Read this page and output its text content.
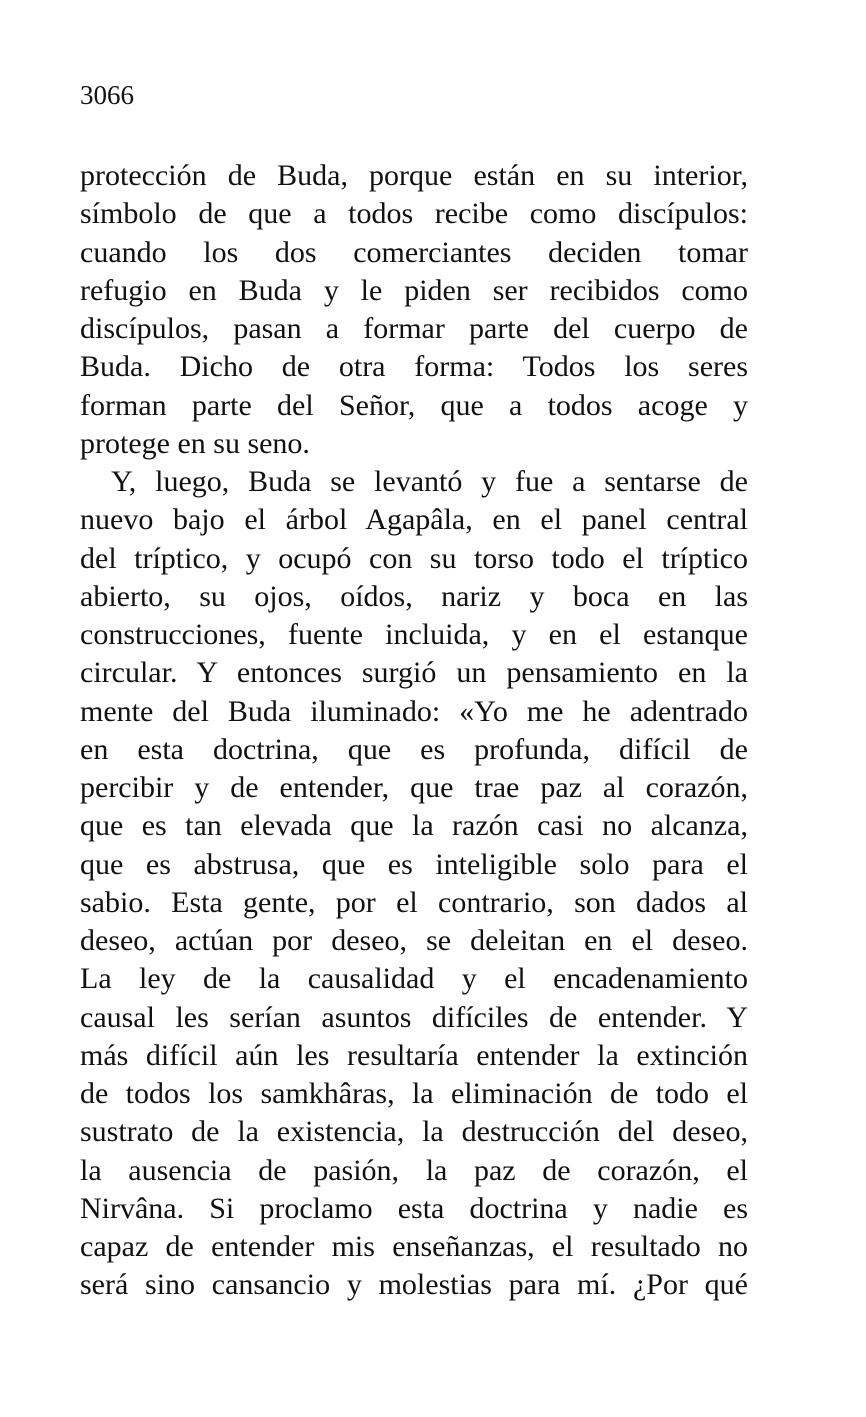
3066
protección de Buda, porque están en su interior,
símbolo de que a todos recibe como discípulos:
cuando los dos comerciantes deciden tomar
refugio en Buda y le piden ser recibidos como
discípulos, pasan a formar parte del cuerpo de
Buda. Dicho de otra forma: Todos los seres
forman parte del Señor, que a todos acoge y
protege en su seno.
Y, luego, Buda se levantó y fue a sentarse de
nuevo bajo el árbol Agapâla, en el panel central
del tríptico, y ocupó con su torso todo el tríptico
abierto, su ojos, oídos, nariz y boca en las
construcciones, fuente incluida, y en el estanque
circular. Y entonces surgió un pensamiento en la
mente del Buda iluminado: «Yo me he adentrado
en esta doctrina, que es profunda, difícil de
percibir y de entender, que trae paz al corazón,
que es tan elevada que la razón casi no alcanza,
que es abstrusa, que es inteligible solo para el
sabio. Esta gente, por el contrario, son dados al
deseo, actúan por deseo, se deleitan en el deseo.
La ley de la causalidad y el encadenamiento
causal les serían asuntos difíciles de entender. Y
más difícil aún les resultaría entender la extinción
de todos los samkhâras, la eliminación de todo el
sustrato de la existencia, la destrucción del deseo,
la ausencia de pasión, la paz de corazón, el
Nirvâna. Si proclamo esta doctrina y nadie es
capaz de entender mis enseñanzas, el resultado no
será sino cansancio y molestias para mí. ¿Por qué
